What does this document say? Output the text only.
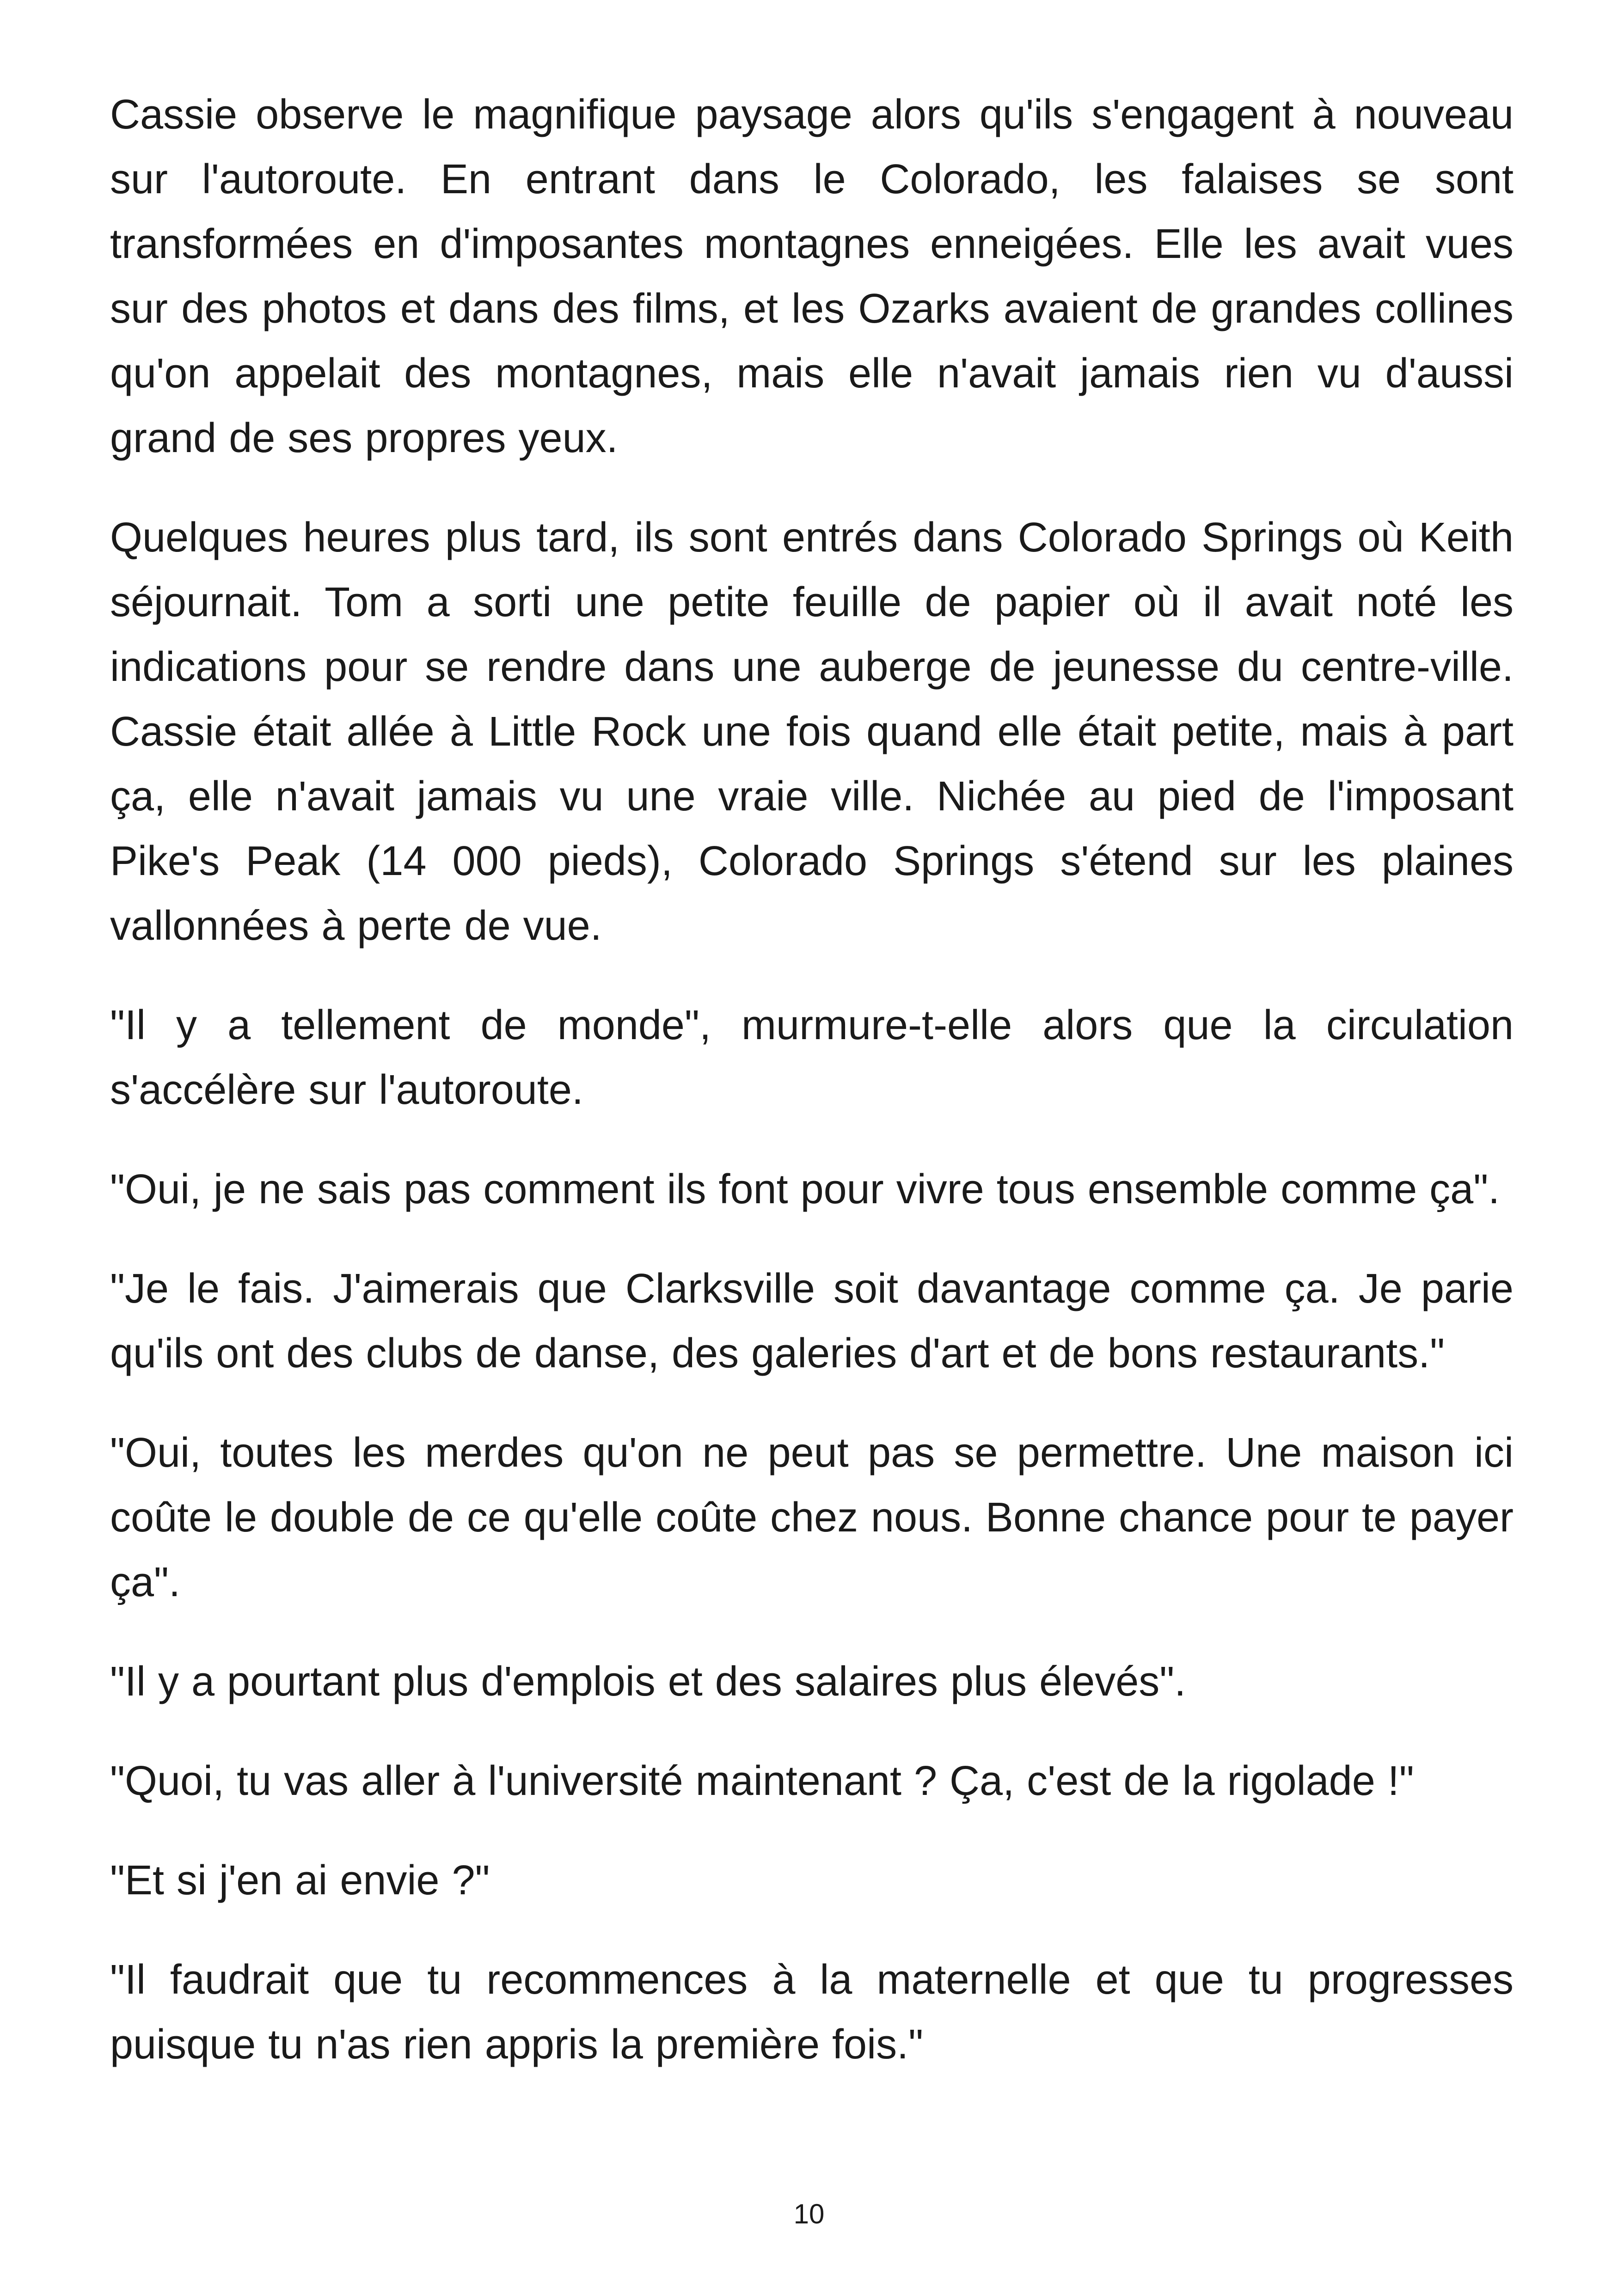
Cassie observe le magnifique paysage alors qu'ils s'engagent à nouveau sur l'autoroute. En entrant dans le Colorado, les falaises se sont transformées en d'imposantes montagnes enneigées. Elle les avait vues sur des photos et dans des films, et les Ozarks avaient de grandes collines qu'on appelait des montagnes, mais elle n'avait jamais rien vu d'aussi grand de ses propres yeux.

Quelques heures plus tard, ils sont entrés dans Colorado Springs où Keith séjournait. Tom a sorti une petite feuille de papier où il avait noté les indications pour se rendre dans une auberge de jeunesse du centre-ville. Cassie était allée à Little Rock une fois quand elle était petite, mais à part ça, elle n'avait jamais vu une vraie ville. Nichée au pied de l'imposant Pike's Peak (14 000 pieds), Colorado Springs s'étend sur les plaines vallonnées à perte de vue.

"Il y a tellement de monde", murmure-t-elle alors que la circulation s'accélère sur l'autoroute.

"Oui, je ne sais pas comment ils font pour vivre tous ensemble comme ça".

"Je le fais. J'aimerais que Clarksville soit davantage comme ça. Je parie qu'ils ont des clubs de danse, des galeries d'art et de bons restaurants."

"Oui, toutes les merdes qu'on ne peut pas se permettre. Une maison ici coûte le double de ce qu'elle coûte chez nous. Bonne chance pour te payer ça".

"Il y a pourtant plus d'emplois et des salaires plus élevés".

"Quoi, tu vas aller à l'université maintenant ? Ça, c'est de la rigolade !"

"Et si j'en ai envie ?"

"Il faudrait que tu recommences à la maternelle et que tu progresses puisque tu n'as rien appris la première fois."

10
